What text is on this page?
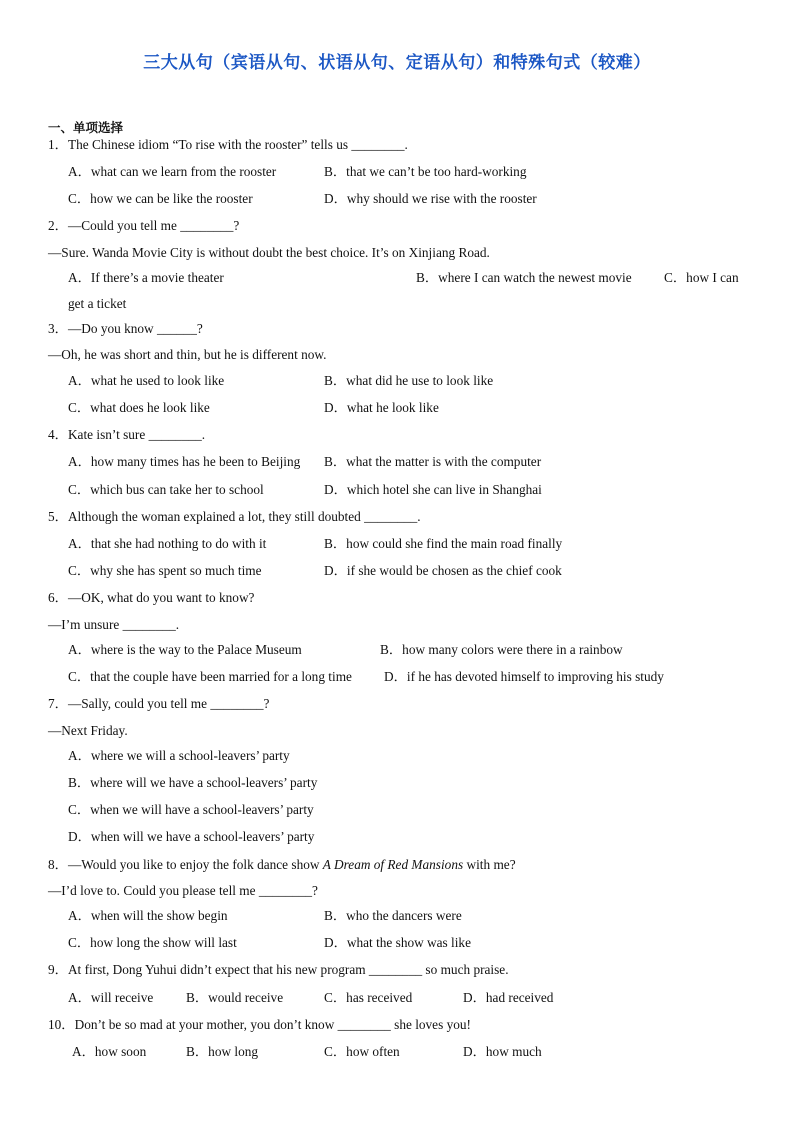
三大从句（宾语从句、状语从句、定语从句）和特殊句式（较难）
一、单项选择
1．The Chinese idiom “To rise with the rooster” tells us ________.
A．what can we learn from the rooster	B．that we can’t be too hard-working
C．how we can be like the rooster	D．why should we rise with the rooster
2．—Could you tell me ________?
—Sure. Wanda Movie City is without doubt the best choice. It’s on Xinjiang Road.
A．If there’s a movie theater	B．where I can watch the newest movie C．how I can
get a ticket
3．—Do you know ______?
—Oh, he was short and thin, but he is different now.
A．what he used to look like	B．what did he use to look like
C．what does he look like	D．what he look like
4．Kate isn’t sure ________.
A．how many times has he been to Beijing B．what the matter is with the computer
C．which bus can take her to school	D．which hotel she can live in Shanghai
5．Although the woman explained a lot, they still doubted ________.
A．that she had nothing to do with it	B．how could she find the main road finally
C．why she has spent so much time	D．if she would be chosen as the chief cook
6．—OK, what do you want to know?
—I’m unsure ________.
A．where is the way to the Palace Museum	B．how many colors were there in a rainbow
C．that the couple have been married for a long time D．if he has devoted himself to improving his study
7．—Sally, could you tell me ________?
—Next Friday.
A．where we will a school-leavers’ party
B．where will we have a school-leavers’ party
C．when we will have a school-leavers’ party
D．when will we have a school-leavers’ party
8．—Would you like to enjoy the folk dance show A Dream of Red Mansions with me?
—I’d love to. Could you please tell me ________?
A．when will the show begin	B．who the dancers were
C．how long the show will last	D．what the show was like
9．At first, Dong Yuhui didn’t expect that his new program ________ so much praise.
A．will receive B．would receive	C．has received	D．had received
10．Don’t be so mad at your mother, you don’t know ________ she loves you!
A．how soon	B．how long	C．how often	D．how much
